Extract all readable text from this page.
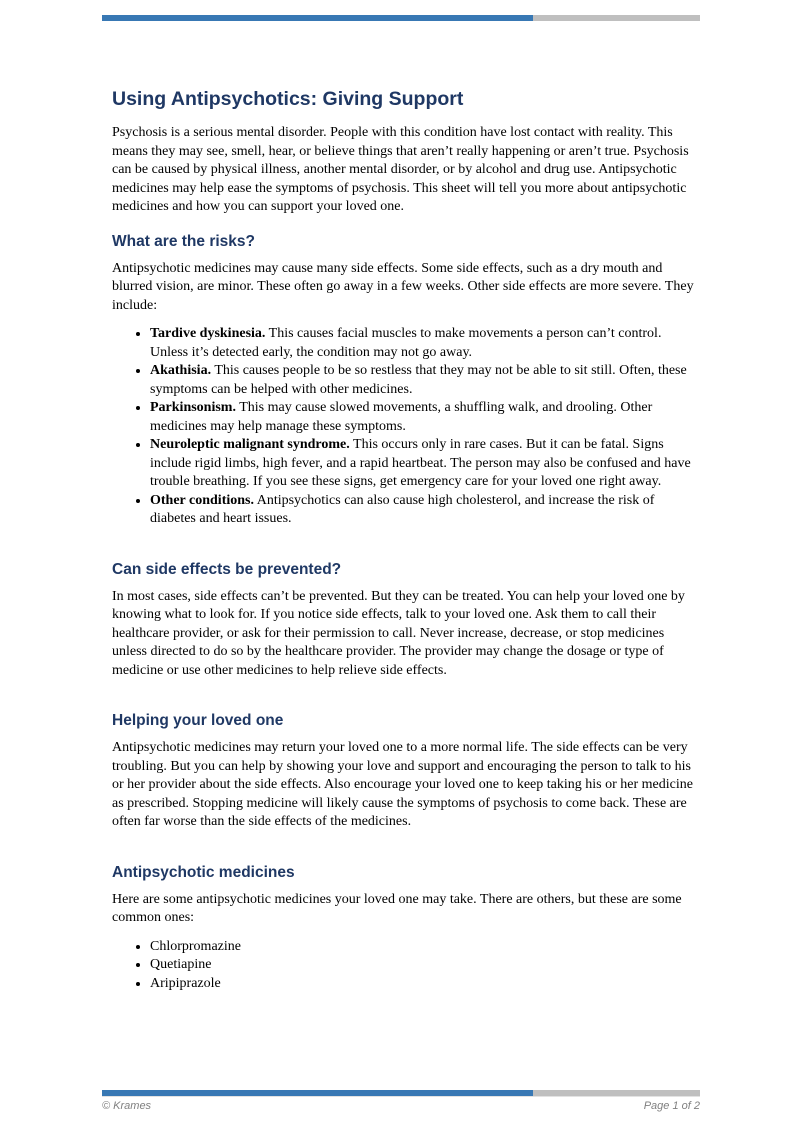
Using Antipsychotics: Giving Support

Psychosis is a serious mental disorder. People with this condition have lost contact with reality. This means they may see, smell, hear, or believe things that aren’t really happening or aren’t true. Psychosis can be caused by physical illness, another mental disorder, or by alcohol and drug use. Antipsychotic medicines may help ease the symptoms of psychosis. This sheet will tell you more about antipsychotic medicines and how you can support your loved one.

What are the risks?

Antipsychotic medicines may cause many side effects. Some side effects, such as a dry mouth and blurred vision, are minor. These often go away in a few weeks. Other side effects are more severe. They include:

• Tardive dyskinesia. This causes facial muscles to make movements a person can’t control. Unless it’s detected early, the condition may not go away.
• Akathisia. This causes people to be so restless that they may not be able to sit still. Often, these symptoms can be helped with other medicines.
• Parkinsonism. This may cause slowed movements, a shuffling walk, and drooling. Other medicines may help manage these symptoms.
• Neuroleptic malignant syndrome. This occurs only in rare cases. But it can be fatal. Signs include rigid limbs, high fever, and a rapid heartbeat. The person may also be confused and have trouble breathing. If you see these signs, get emergency care for your loved one right away.
• Other conditions. Antipsychotics can also cause high cholesterol, and increase the risk of diabetes and heart issues.
Can side effects be prevented?

In most cases, side effects can’t be prevented. But they can be treated. You can help your loved one by knowing what to look for. If you notice side effects, talk to your loved one. Ask them to call their healthcare provider, or ask for their permission to call. Never increase, decrease, or stop medicines unless directed to do so by the healthcare provider. The provider may change the dosage or type of medicine or use other medicines to help relieve side effects.

Helping your loved one

Antipsychotic medicines may return your loved one to a more normal life. The side effects can be very troubling. But you can help by showing your love and support and encouraging the person to talk to his or her provider about the side effects. Also encourage your loved one to keep taking his or her medicine as prescribed. Stopping medicine will likely cause the symptoms of psychosis to come back. These are often far worse than the side effects of the medicines.

Antipsychotic medicines

Here are some antipsychotic medicines your loved one may take. There are others, but these are some common ones:

• Chlorpromazine
• Quetiapine
• Aripiprazole
© Krames	Page 1 of 2
